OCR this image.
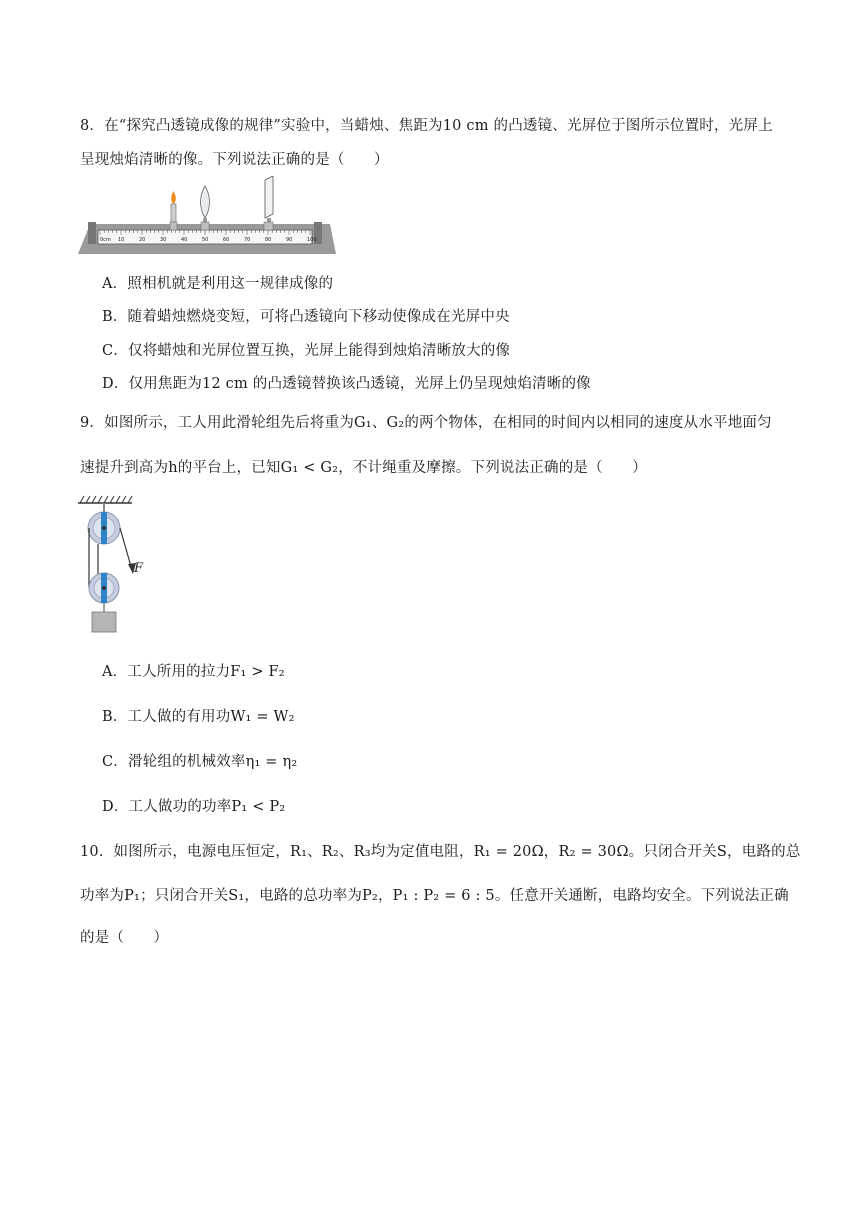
8．在“探究凸透镜成像的规律”实验中，当蜡烛、焦距为10 cm 的凸透镜、光屏位于图所示位置时，光屏上
呈现烛焰清晰的像。下列说法正确的是（　　）
0cm 10	20	30	40	50	60	70	80	90	100
A．照相机就是利用这一规律成像的
B．随着蜡烛燃烧变短，可将凸透镜向下移动使像成在光屏中央
C．仅将蜡烛和光屏位置互换，光屏上能得到烛焰清晰放大的像
D．仅用焦距为12 cm 的凸透镜替换该凸透镜，光屏上仍呈现烛焰清晰的像
9．如图所示，工人用此滑轮组先后将重为G₁、G₂的两个物体，在相同的时间内以相同的速度从水平地面匀
速提升到高为h的平台上，已知G₁ < G₂，不计绳重及摩擦。下列说法正确的是（　　）
F
A．工人所用的拉力F₁ > F₂
B．工人做的有用功W₁ = W₂
C．滑轮组的机械效率η₁ = η₂
D．工人做功的功率P₁ < P₂
10．如图所示，电源电压恒定，R₁、R₂、R₃均为定值电阻，R₁ = 20Ω，R₂ = 30Ω。只闭合开关S，电路的总
功率为P₁；只闭合开关S₁，电路的总功率为P₂，P₁ : P₂ = 6 : 5。任意开关通断，电路均安全。下列说法正确
的是（　　）
